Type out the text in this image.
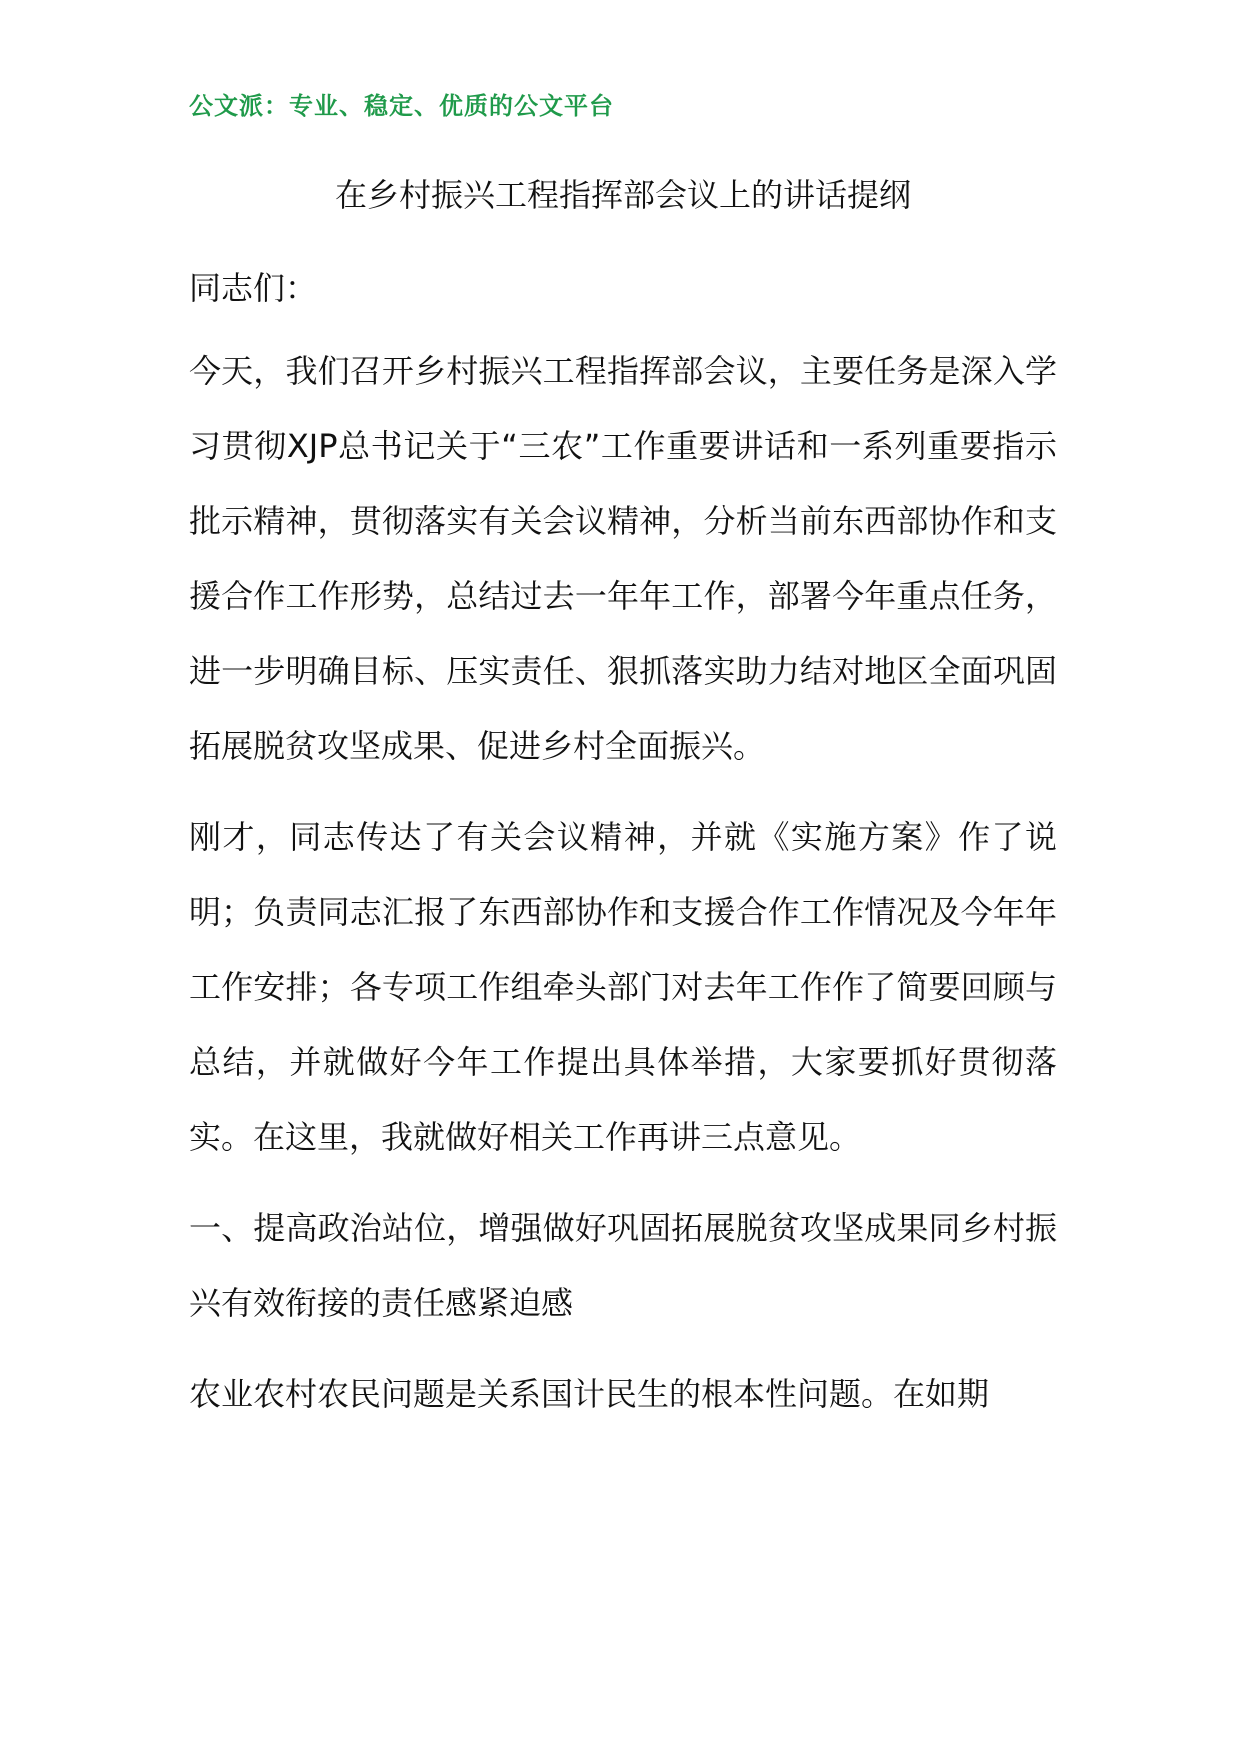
公文派：专业、稳定、优质的公文平台
在乡村振兴工程指挥部会议上的讲话提纲

同志们：

今天，我们召开乡村振兴工程指挥部会议，主要任务是深入学习贯彻XJP总书记关于“三农”工作重要讲话和一系列重要指示批示精神，贯彻落实有关会议精神，分析当前东西部协作和支援合作工作形势，总结过去一年年工作，部署今年重点任务，进一步明确目标、压实责任、狠抓落实助力结对地区全面巩固拓展脱贫攻坚成果、促进乡村全面振兴。

刚才，同志传达了有关会议精神，并就《实施方案》作了说明；负责同志汇报了东西部协作和支援合作工作情况及今年年工作安排；各专项工作组牵头部门对去年工作作了简要回顾与总结，并就做好今年工作提出具体举措，大家要抓好贯彻落实。在这里，我就做好相关工作再讲三点意见。

一、提高政治站位，增强做好巩固拓展脱贫攻坚成果同乡村振兴有效衔接的责任感紧迫感

农业农村农民问题是关系国计民生的根本性问题。在如期
